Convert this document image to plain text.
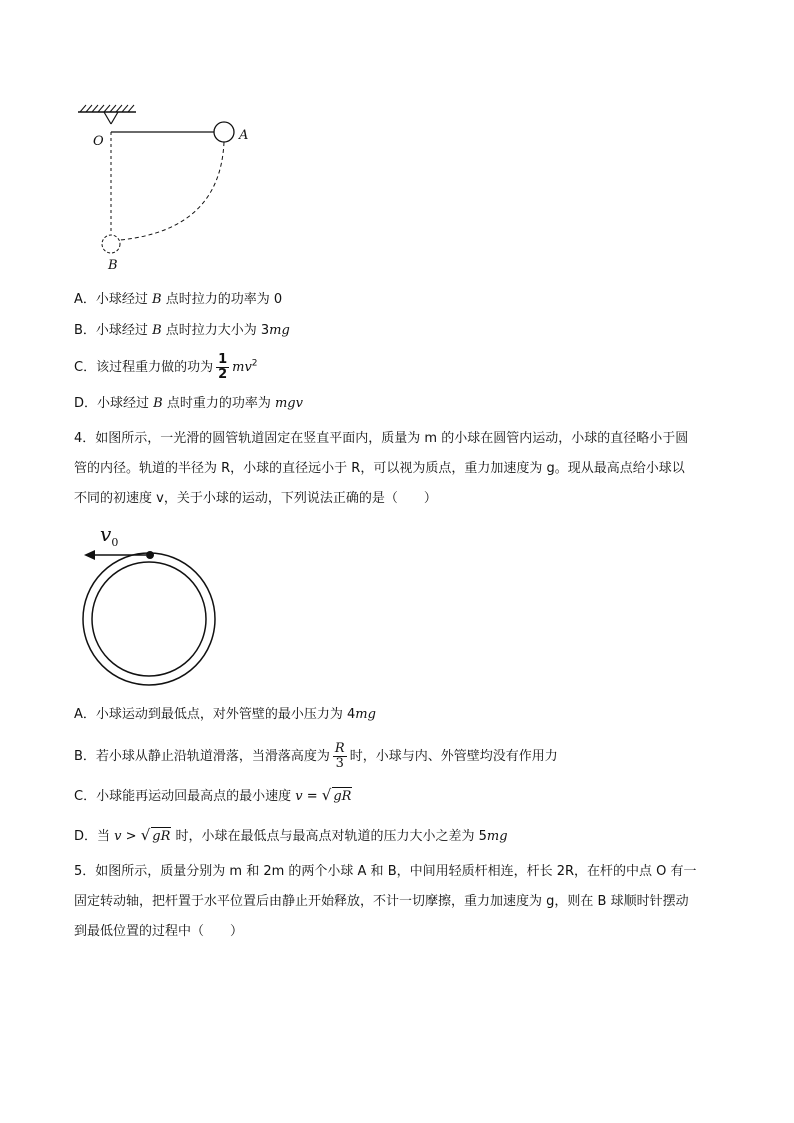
O	A
B
A．小球经过 B 点时拉力的功率为 0
B．小球经过 B 点时拉力大小为 3mg
C．该过程重力做的功为 $\frac{1}{2} mv^2$
D．小球经过 B 点时重力的功率为 mgv
4．如图所示，一光滑的圆管轨道固定在竖直平面内，质量为 m 的小球在圆管内运动，小球的直径略小于圆
管的内径。轨道的半径为 R，小球的直径远小于 R，可以视为质点，重力加速度为 g。现从最高点给小球以
不同的初速度 v，关于小球的运动，下列说法正确的是（　　）
$v_0$
A．小球运动到最低点，对外管壁的最小压力为 4mg
B．若小球从静止沿轨道滑落，当滑落高度为 $\frac{R}{3}$ 时，小球与内、外管壁均没有作用力
C．小球能再运动回最高点的最小速度 v = √ gR
D．当 v > √ gR 时，小球在最低点与最高点对轨道的压力大小之差为 5mg
5．如图所示，质量分别为 m 和 2m 的两个小球 A 和 B，中间用轻质杆相连，杆长 2R，在杆的中点 O 有一
固定转动轴，把杆置于水平位置后由静止开始释放，不计一切摩擦，重力加速度为 g，则在 B 球顺时针摆动
到最低位置的过程中（　　）
